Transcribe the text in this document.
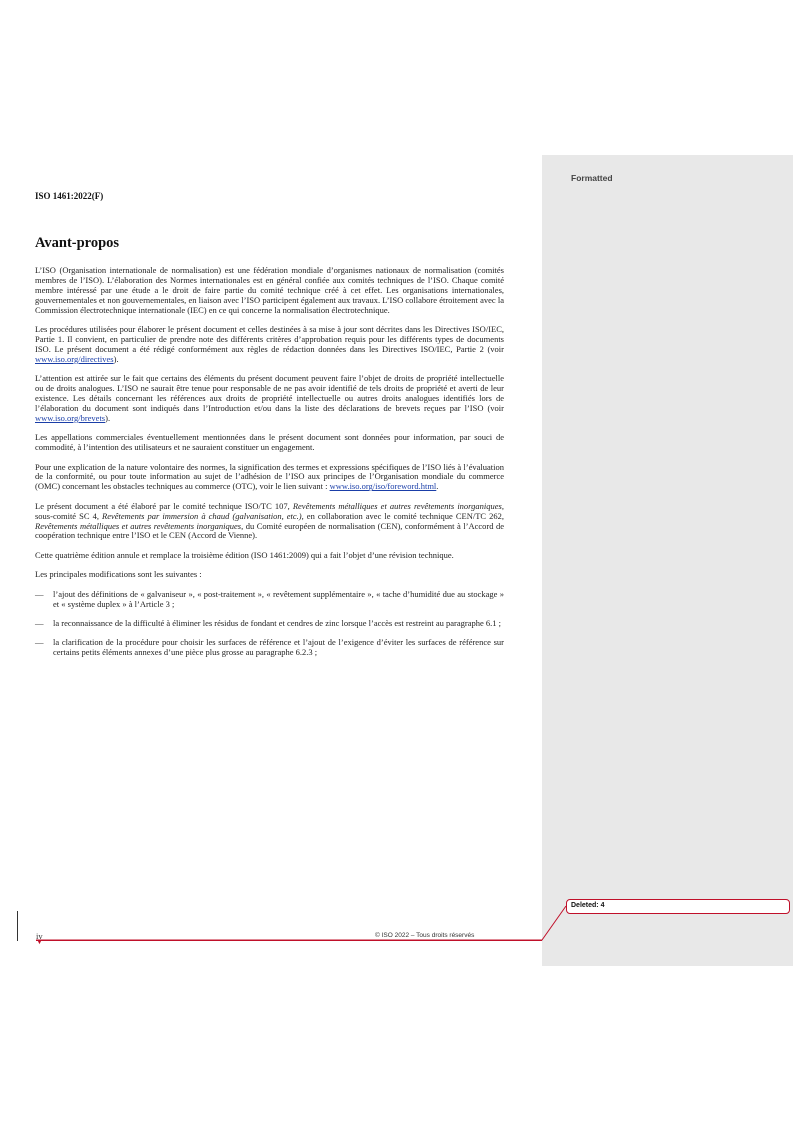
Formatted
ISO 1461:2022(F)
Avant-propos

L’ISO (Organisation internationale de normalisation) est une fédération mondiale d’organismes nationaux de normalisation (comités membres de l’ISO). L’élaboration des Normes internationales est en général confiée aux comités techniques de l’ISO. Chaque comité membre intéressé par une étude a le droit de faire partie du comité technique créé à cet effet. Les organisations internationales, gouvernementales et non gouvernementales, en liaison avec l’ISO participent également aux travaux. L’ISO collabore étroitement avec la Commission électrotechnique internationale (IEC) en ce qui concerne la normalisation électrotechnique.

Les procédures utilisées pour élaborer le présent document et celles destinées à sa mise à jour sont décrites dans les Directives ISO/IEC, Partie 1. Il convient, en particulier de prendre note des différents critères d’approbation requis pour les différents types de documents ISO. Le présent document a été rédigé conformément aux règles de rédaction données dans les Directives ISO/IEC, Partie 2 (voir www.iso.org/directives).

L’attention est attirée sur le fait que certains des éléments du présent document peuvent faire l’objet de droits de propriété intellectuelle ou de droits analogues. L’ISO ne saurait être tenue pour responsable de ne pas avoir identifié de tels droits de propriété et averti de leur existence. Les détails concernant les références aux droits de propriété intellectuelle ou autres droits analogues identifiés lors de l’élaboration du document sont indiqués dans l’Introduction et/ou dans la liste des déclarations de brevets reçues par l’ISO (voir www.iso.org/brevets).

Les appellations commerciales éventuellement mentionnées dans le présent document sont données pour information, par souci de commodité, à l’intention des utilisateurs et ne sauraient constituer un engagement.

Pour une explication de la nature volontaire des normes, la signification des termes et expressions spécifiques de l’ISO liés à l’évaluation de la conformité, ou pour toute information au sujet de l’adhésion de l’ISO aux principes de l’Organisation mondiale du commerce (OMC) concernant les obstacles techniques au commerce (OTC), voir le lien suivant : www.iso.org/iso/foreword.html.

Le présent document a été élaboré par le comité technique ISO/TC 107, Revêtements métalliques et autres revêtements inorganiques, sous-comité SC 4, Revêtements par immersion à chaud (galvanisation, etc.), en collaboration avec le comité technique CEN/TC 262, Revêtements métalliques et autres revêtements inorganiques, du Comité européen de normalisation (CEN), conformément à l’Accord de coopération technique entre l’ISO et le CEN (Accord de Vienne).

Cette quatrième édition annule et remplace la troisième édition (ISO 1461:2009) qui a fait l’objet d’une révision technique.

Les principales modifications sont les suivantes :

—	l’ajout des définitions de « galvaniseur », « post-traitement », « revêtement supplémentaire », « tache d’humidité due au stockage » et « système duplex » à l’Article 3 ;
—	la reconnaissance de la difficulté à éliminer les résidus de fondant et cendres de zinc lorsque l’accès est restreint au paragraphe 6.1 ;
—	la clarification de la procédure pour choisir les surfaces de référence et l’ajout de l’exigence d’éviter les surfaces de référence sur certains petits éléments annexes d’une pièce plus grosse au paragraphe 6.2.3 ;
iv
▼
© ISO 2022 – Tous droits réservés
Deleted: 4
